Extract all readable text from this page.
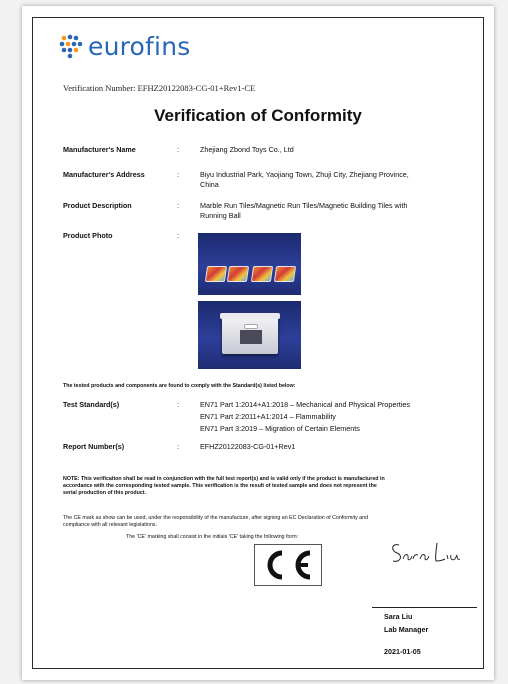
eurofins
Verification Number: EFHZ20122083-CG-01+Rev1-CE
Verification of Conformity
Manufacturer's Name	:	Zhejiang Zbond Toys Co., Ltd
Manufacturer's Address	:	Biyu Industrial Park, Yaojiang Town, Zhuji City, Zhejiang Province,
China
Product Description	:	Marble Run Tiles/Magnetic Run Tiles/Magnetic Building Tiles with
Running Ball
Product Photo	:
The tested products and components are found to comply with the Standard(s) listed below:
Test Standard(s)	:	EN71 Part 1:2014+A1:2018 – Mechanical and Physical Properties
EN71 Part 2:2011+A1:2014 – Flammability
EN71 Part 3:2019 – Migration of Certain Elements
Report Number(s)	:	EFHZ20122083-CG-01+Rev1
NOTE: This verification shall be read in conjunction with the full test report(s) and is valid only if the product is manufactured in
accordance with the corresponding tested sample. This verification is the result of tested sample and does not represent the
serial production of this product.
The CE mark as show can be used, under the responsibility of the manufacture, after signing an EC Declaration of Conformity and
compliance with all relevant legislations.
The 'CE' marking shall consist in the initials 'CE' taking the following form:
Sara Liu
Lab Manager
2021-01-05
